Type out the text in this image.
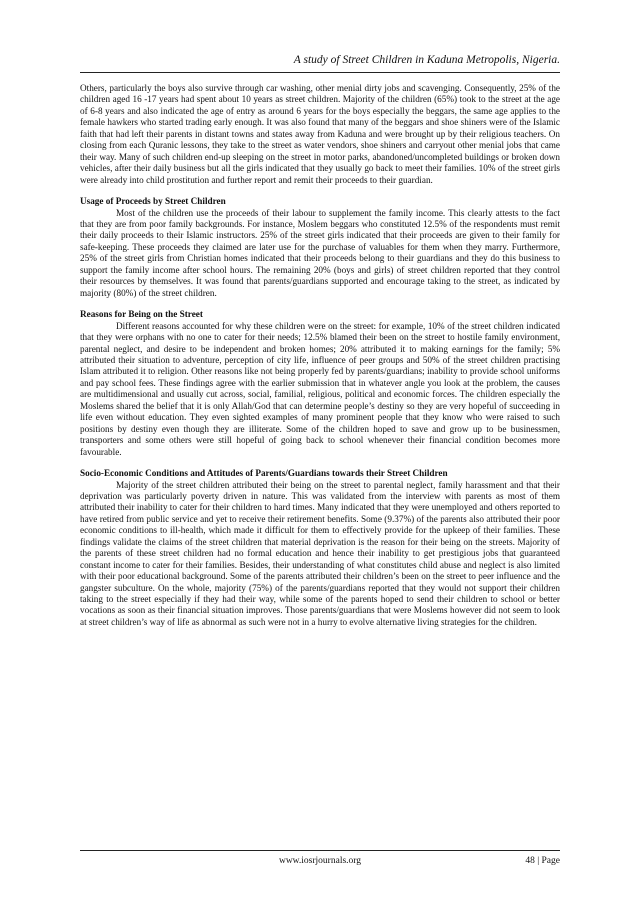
A study of Street Children in Kaduna Metropolis, Nigeria.

Others, particularly the boys also survive through car washing, other menial dirty jobs and scavenging. Consequently, 25% of the children aged 16 -17 years had spent about 10 years as street children. Majority of the children (65%) took to the street at the age of 6-8 years and also indicated the age of entry as around 6 years for the boys especially the beggars, the same age applies to the female hawkers who started trading early enough. It was also found that many of the beggars and shoe shiners were of the Islamic faith that had left their parents in distant towns and states away from Kaduna and were brought up by their religious teachers. On closing from each Quranic lessons, they take to the street as water vendors, shoe shiners and carryout other menial jobs that came their way. Many of such children end-up sleeping on the street in motor parks, abandoned/uncompleted buildings or broken down vehicles, after their daily business but all the girls indicated that they usually go back to meet their families. 10% of the street girls were already into child prostitution and further report and remit their proceeds to their guardian.

Usage of Proceeds by Street Children

Most of the children use the proceeds of their labour to supplement the family income. This clearly attests to the fact that they are from poor family backgrounds. For instance, Moslem beggars who constituted 12.5% of the respondents must remit their daily proceeds to their Islamic instructors. 25% of the street girls indicated that their proceeds are given to their family for safe-keeping. These proceeds they claimed are later use for the purchase of valuables for them when they marry. Furthermore, 25% of the street girls from Christian homes indicated that their proceeds belong to their guardians and they do this business to support the family income after school hours. The remaining 20% (boys and girls) of street children reported that they control their resources by themselves. It was found that parents/guardians supported and encourage taking to the street, as indicated by majority (80%) of the street children.

Reasons for Being on the Street

Different reasons accounted for why these children were on the street: for example, 10% of the street children indicated that they were orphans with no one to cater for their needs; 12.5% blamed their been on the street to hostile family environment, parental neglect, and desire to be independent and broken homes; 20% attributed it to making earnings for the family; 5% attributed their situation to adventure, perception of city life, influence of peer groups and 50% of the street children practising Islam attributed it to religion. Other reasons like not being properly fed by parents/guardians; inability to provide school uniforms and pay school fees. These findings agree with the earlier submission that in whatever angle you look at the problem, the causes are multidimensional and usually cut across, social, familial, religious, political and economic forces. The children especially the Moslems shared the belief that it is only Allah/God that can determine people’s destiny so they are very hopeful of succeeding in life even without education. They even sighted examples of many prominent people that they know who were raised to such positions by destiny even though they are illiterate. Some of the children hoped to save and grow up to be businessmen, transporters and some others were still hopeful of going back to school whenever their financial condition becomes more favourable.

Socio-Economic Conditions and Attitudes of Parents/Guardians towards their Street Children

Majority of the street children attributed their being on the street to parental neglect, family harassment and that their deprivation was particularly poverty driven in nature. This was validated from the interview with parents as most of them attributed their inability to cater for their children to hard times. Many indicated that they were unemployed and others reported to have retired from public service and yet to receive their retirement benefits. Some (9.37%) of the parents also attributed their poor economic conditions to ill-health, which made it difficult for them to effectively provide for the upkeep of their families. These findings validate the claims of the street children that material deprivation is the reason for their being on the streets. Majority of the parents of these street children had no formal education and hence their inability to get prestigious jobs that guaranteed constant income to cater for their families. Besides, their understanding of what constitutes child abuse and neglect is also limited with their poor educational background. Some of the parents attributed their children’s been on the street to peer influence and the gangster subculture. On the whole, majority (75%) of the parents/guardians reported that they would not support their children taking to the street especially if they had their way, while some of the parents hoped to send their children to school or better vocations as soon as their financial situation improves. Those parents/guardians that were Moslems however did not seem to look at street children’s way of life as abnormal as such were not in a hurry to evolve alternative living strategies for the children.

www.iosrjournals.org	48 | Page
